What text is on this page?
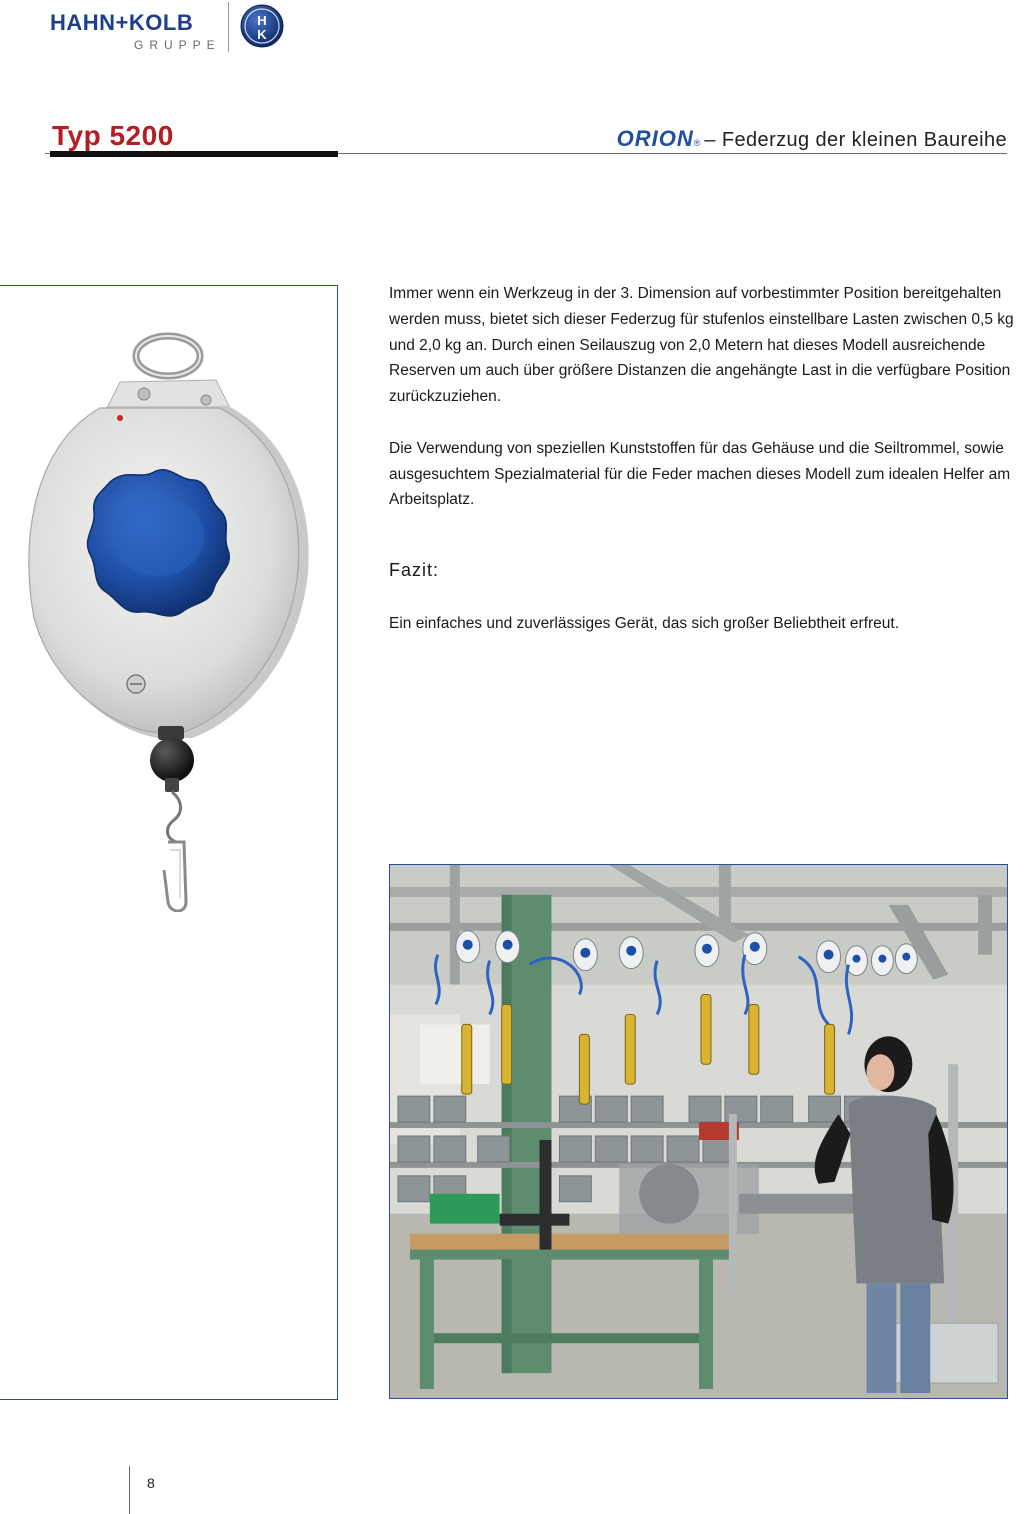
HAHN+KOLB
GRUPPE
H
K
Typ 5200	ORION ® – Federzug der kleinen Baureihe

Immer wenn ein Werkzeug in der 3. Dimension auf vorbestimmter Position bereitgehalten werden muss, bietet sich dieser Federzug für stufenlos einstellbare Lasten zwischen 0,5 kg und 2,0 kg an. Durch einen Seilauszug von 2,0 Metern hat dieses Modell ausreichende Reserven um auch über größere Distanzen die angehängte Last in die verfügbare Position zurückzuziehen.

Die Verwendung von speziellen Kunststoffen für das Gehäuse und die Seiltrommel, sowie ausgesuchtem Spezialmaterial für die Feder machen dieses Modell zum idealen Helfer am Arbeitsplatz.

Fazit:
Ein einfaches und zuverlässiges Gerät, das sich großer Beliebtheit erfreut.
8
